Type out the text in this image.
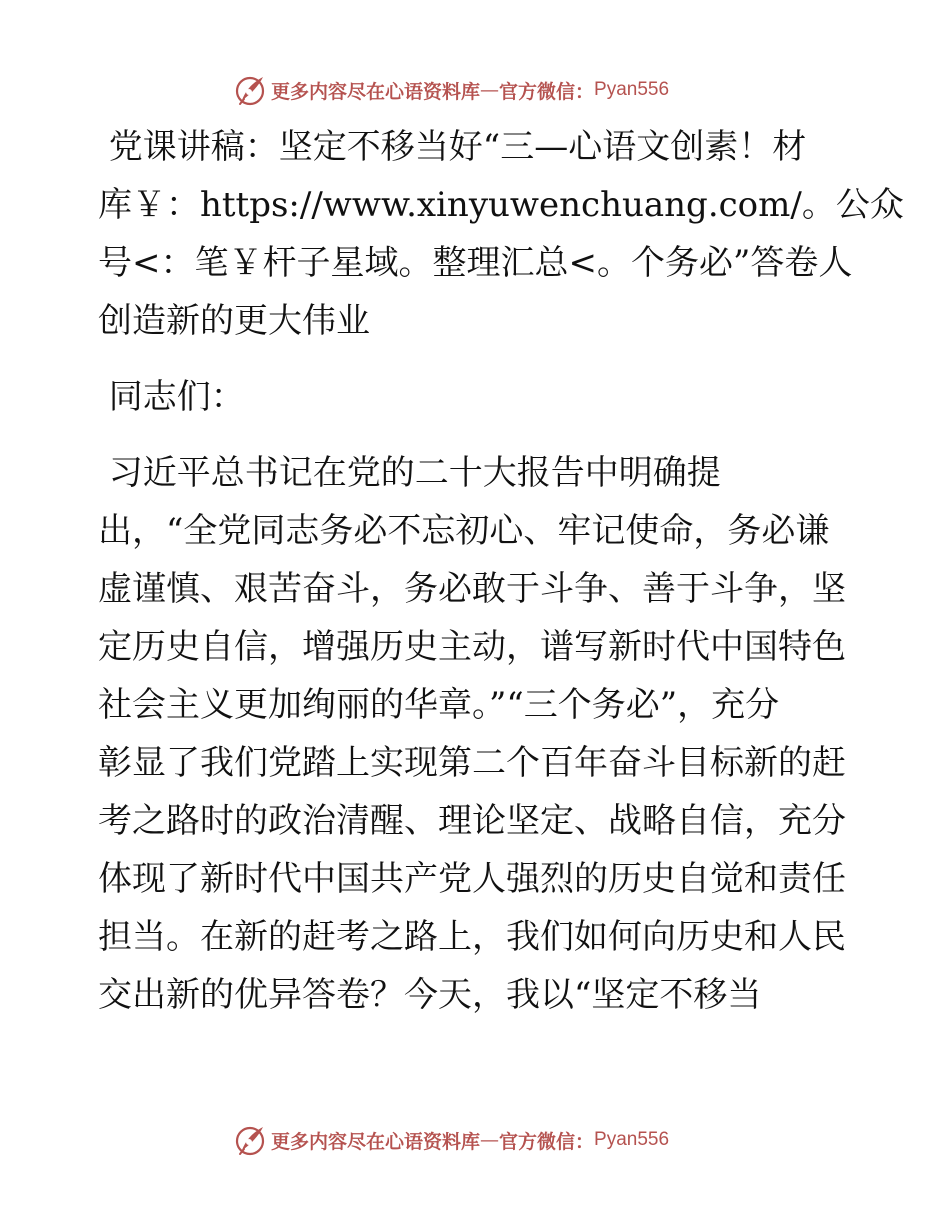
更多内容尽在心语资料库 — 官方微信： Pyan556
党课讲稿：坚定不移当好“三—心语文创素！材
库￥：https://www.xinyuwenchuang.com/。公众
号<：笔￥杆子星域。整理汇总<。个务必”答卷人
创造新的更大伟业
同志们：
习近平总书记在党的二十大报告中明确提
出，“全党同志务必不忘初心、牢记使命，务必谦
虚谨慎、艰苦奋斗，务必敢于斗争、善于斗争，坚
定历史自信，增强历史主动，谱写新时代中国特色
社会主义更加绚丽的华章。”“三个务必”，充分
彰显了我们党踏上实现第二个百年奋斗目标新的赶
考之路时的政治清醒、理论坚定、战略自信，充分
体现了新时代中国共产党人强烈的历史自觉和责任
担当。在新的赶考之路上，我们如何向历史和人民
交出新的优异答卷？今天，我以“坚定不移当
更多内容尽在心语资料库 — 官方微信： Pyan556
